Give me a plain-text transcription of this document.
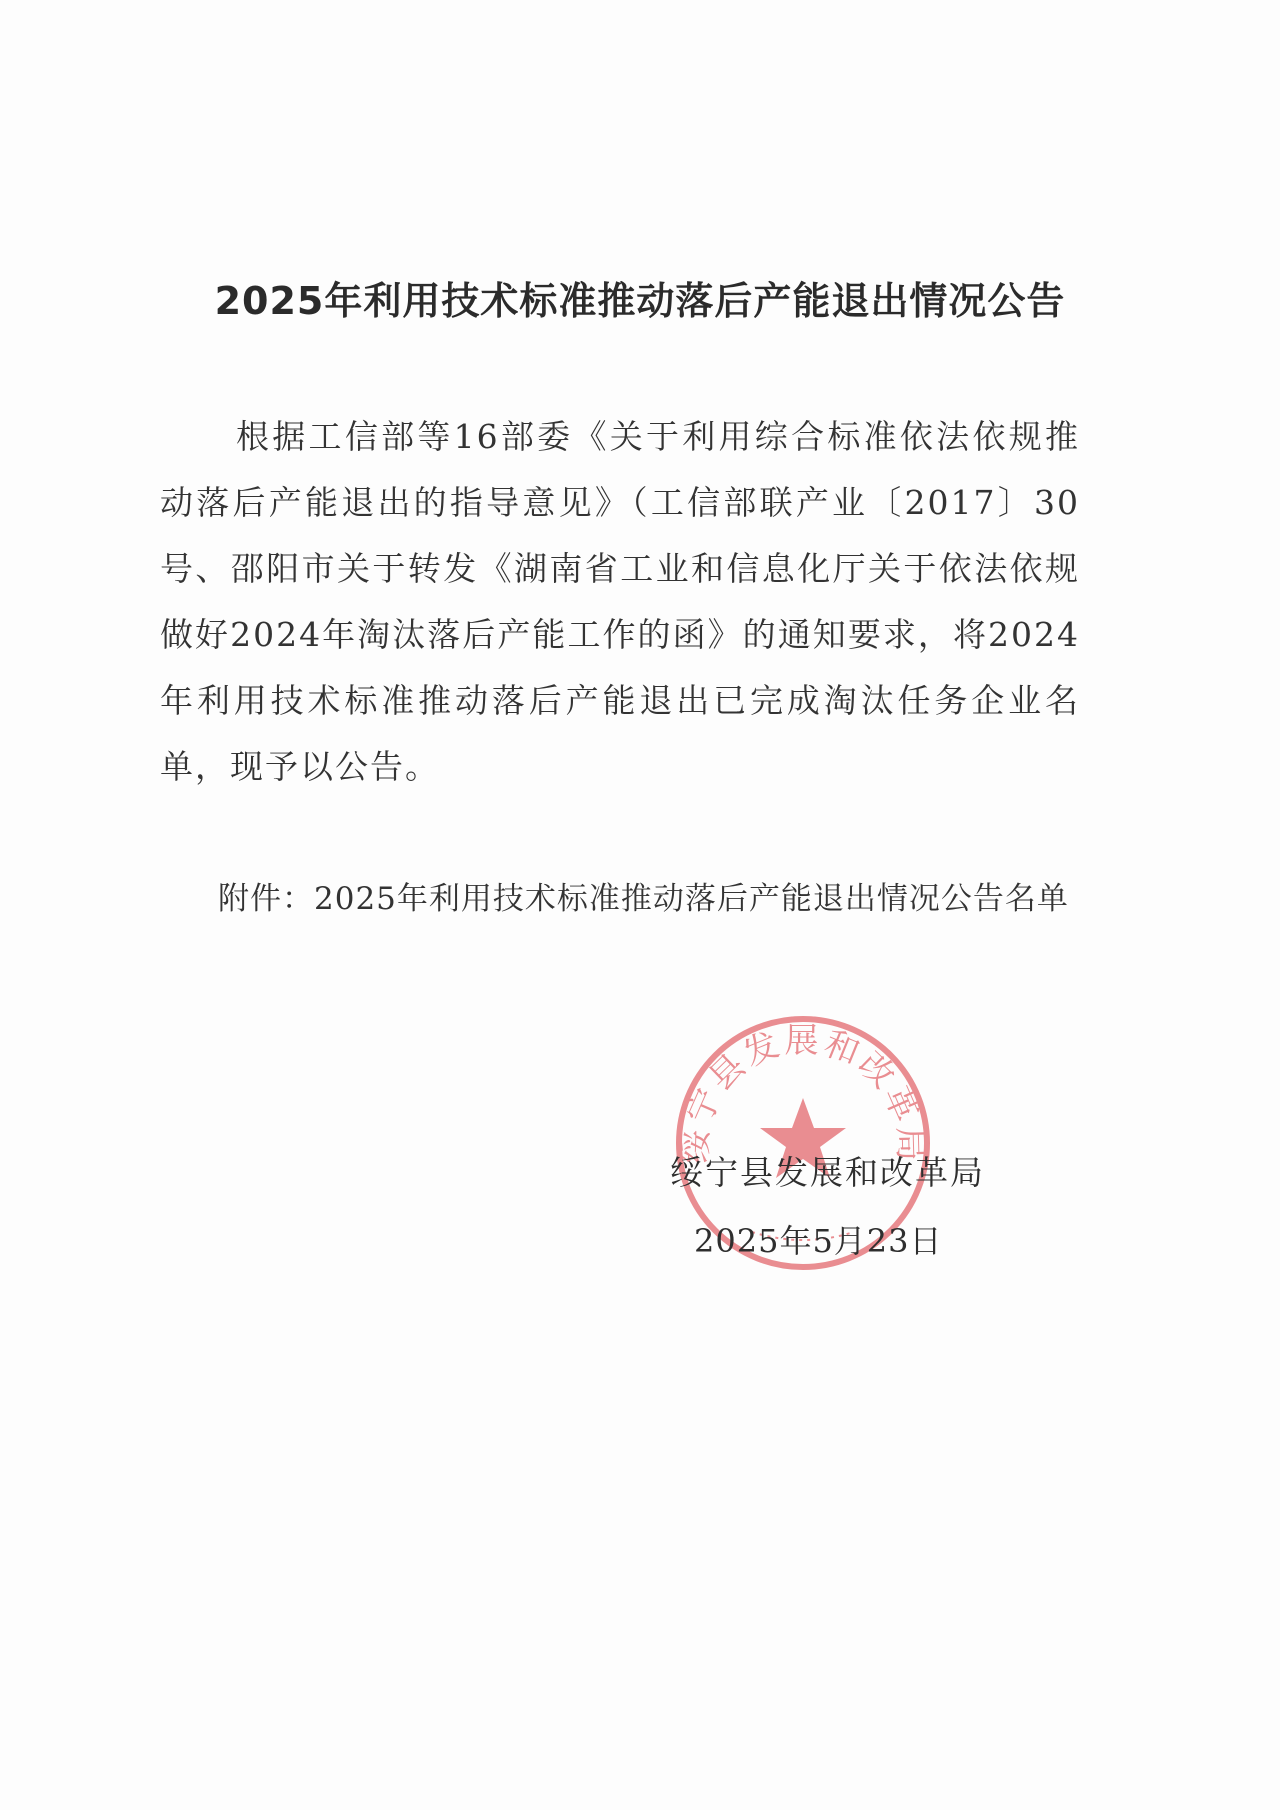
2025年利用技术标准推动落后产能退出情况公告
根据工信部等16部委《关于利用综合标准依法依规推动落后产能退出的指导意见》（工信部联产业〔2017〕30号、邵阳市关于转发《湖南省工业和信息化厅关于依法依规做好2024年淘汰落后产能工作的函》的通知要求，将2024年利用技术标准推动落后产能退出已完成淘汰任务企业名单，现予以公告。
附件：2025年利用技术标准推动落后产能退出情况公告名单
绥宁县发展和改革局
绥宁县发展和改革局
2025年5月23日
